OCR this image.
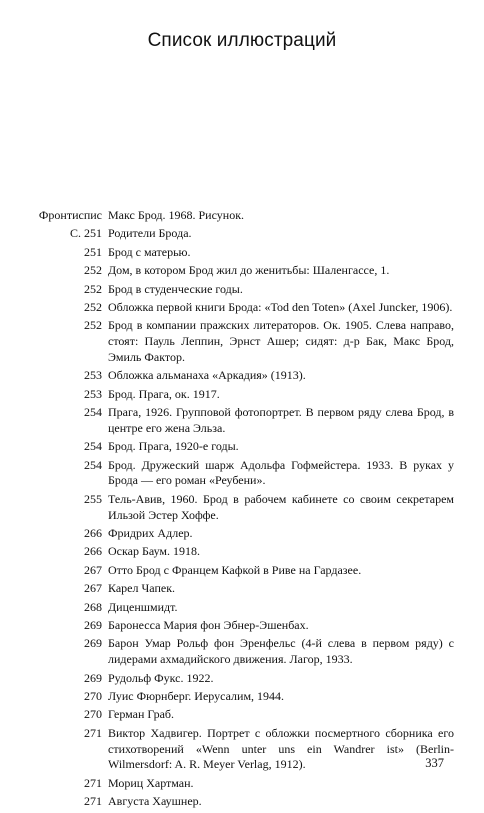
Список иллюстраций
Фронтиспис Макс Брод. 1968. Рисунок.
С. 251 Родители Брода.
251 Брод с матерью.
252 Дом, в котором Брод жил до женитьбы: Шаленгассе, 1.
252 Брод в студенческие годы.
252 Обложка первой книги Брода: «Tod den Toten» (Axel Juncker, 1906).
252 Брод в компании пражских литераторов. Ок. 1905. Слева направо, стоят: Пауль Леппин, Эрнст Ашер; сидят: д-р Бак, Макс Брод, Эмиль Фактор.
253 Обложка альманаха «Аркадия» (1913).
253 Брод. Прага, ок. 1917.
254 Прага, 1926. Групповой фотопортрет. В первом ряду слева Брод, в центре его жена Эльза.
254 Брод. Прага, 1920-е годы.
254 Брод. Дружеский шарж Адольфа Гофмейстера. 1933. В руках у Брода — его роман «Реубени».
255 Тель-Авив, 1960. Брод в рабочем кабинете со своим секретарем Ильзой Эстер Хоффе.
266 Фридрих Адлер.
266 Оскар Баум. 1918.
267 Отто Брод с Францем Кафкой в Риве на Гардазее.
267 Карел Чапек.
268 Диценшмидт.
269 Баронесса Мария фон Эбнер-Эшенбах.
269 Барон Умар Рольф фон Эренфельс (4-й слева в первом ряду) с лидерами ахмадийского движения. Лагор, 1933.
269 Рудольф Фукс. 1922.
270 Луис Фюрнберг. Иерусалим, 1944.
270 Герман Граб.
271 Виктор Хадвигер. Портрет с обложки посмертного сборника его стихотворений «Wenn unter uns ein Wandrer ist» (Berlin-Wilmersdorf: A. R. Meyer Verlag, 1912).
271 Мориц Хартман.
271 Августа Хаушнер.
337
